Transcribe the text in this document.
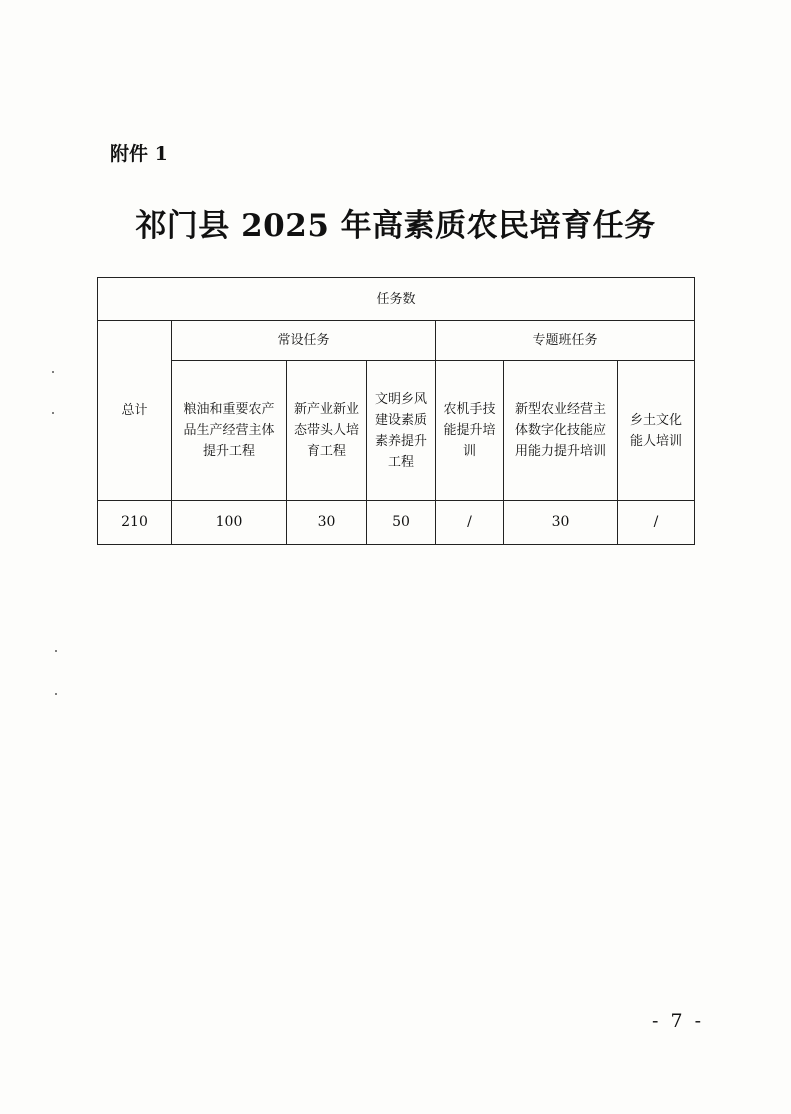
附件 1
祁门县 2025 年高素质农民培育任务
任务数						
总计	常设任务			专题班任务		
	粮油和重要农产品生产经营主体提升工程	新产业新业态带头人培育工程	文明乡风建设素质素养提升工程	农机手技能提升培训	新型农业经营主体数字化技能应用能力提升培训	乡土文化能人培训
210	100	30	50	/	30	/
- 7 -
